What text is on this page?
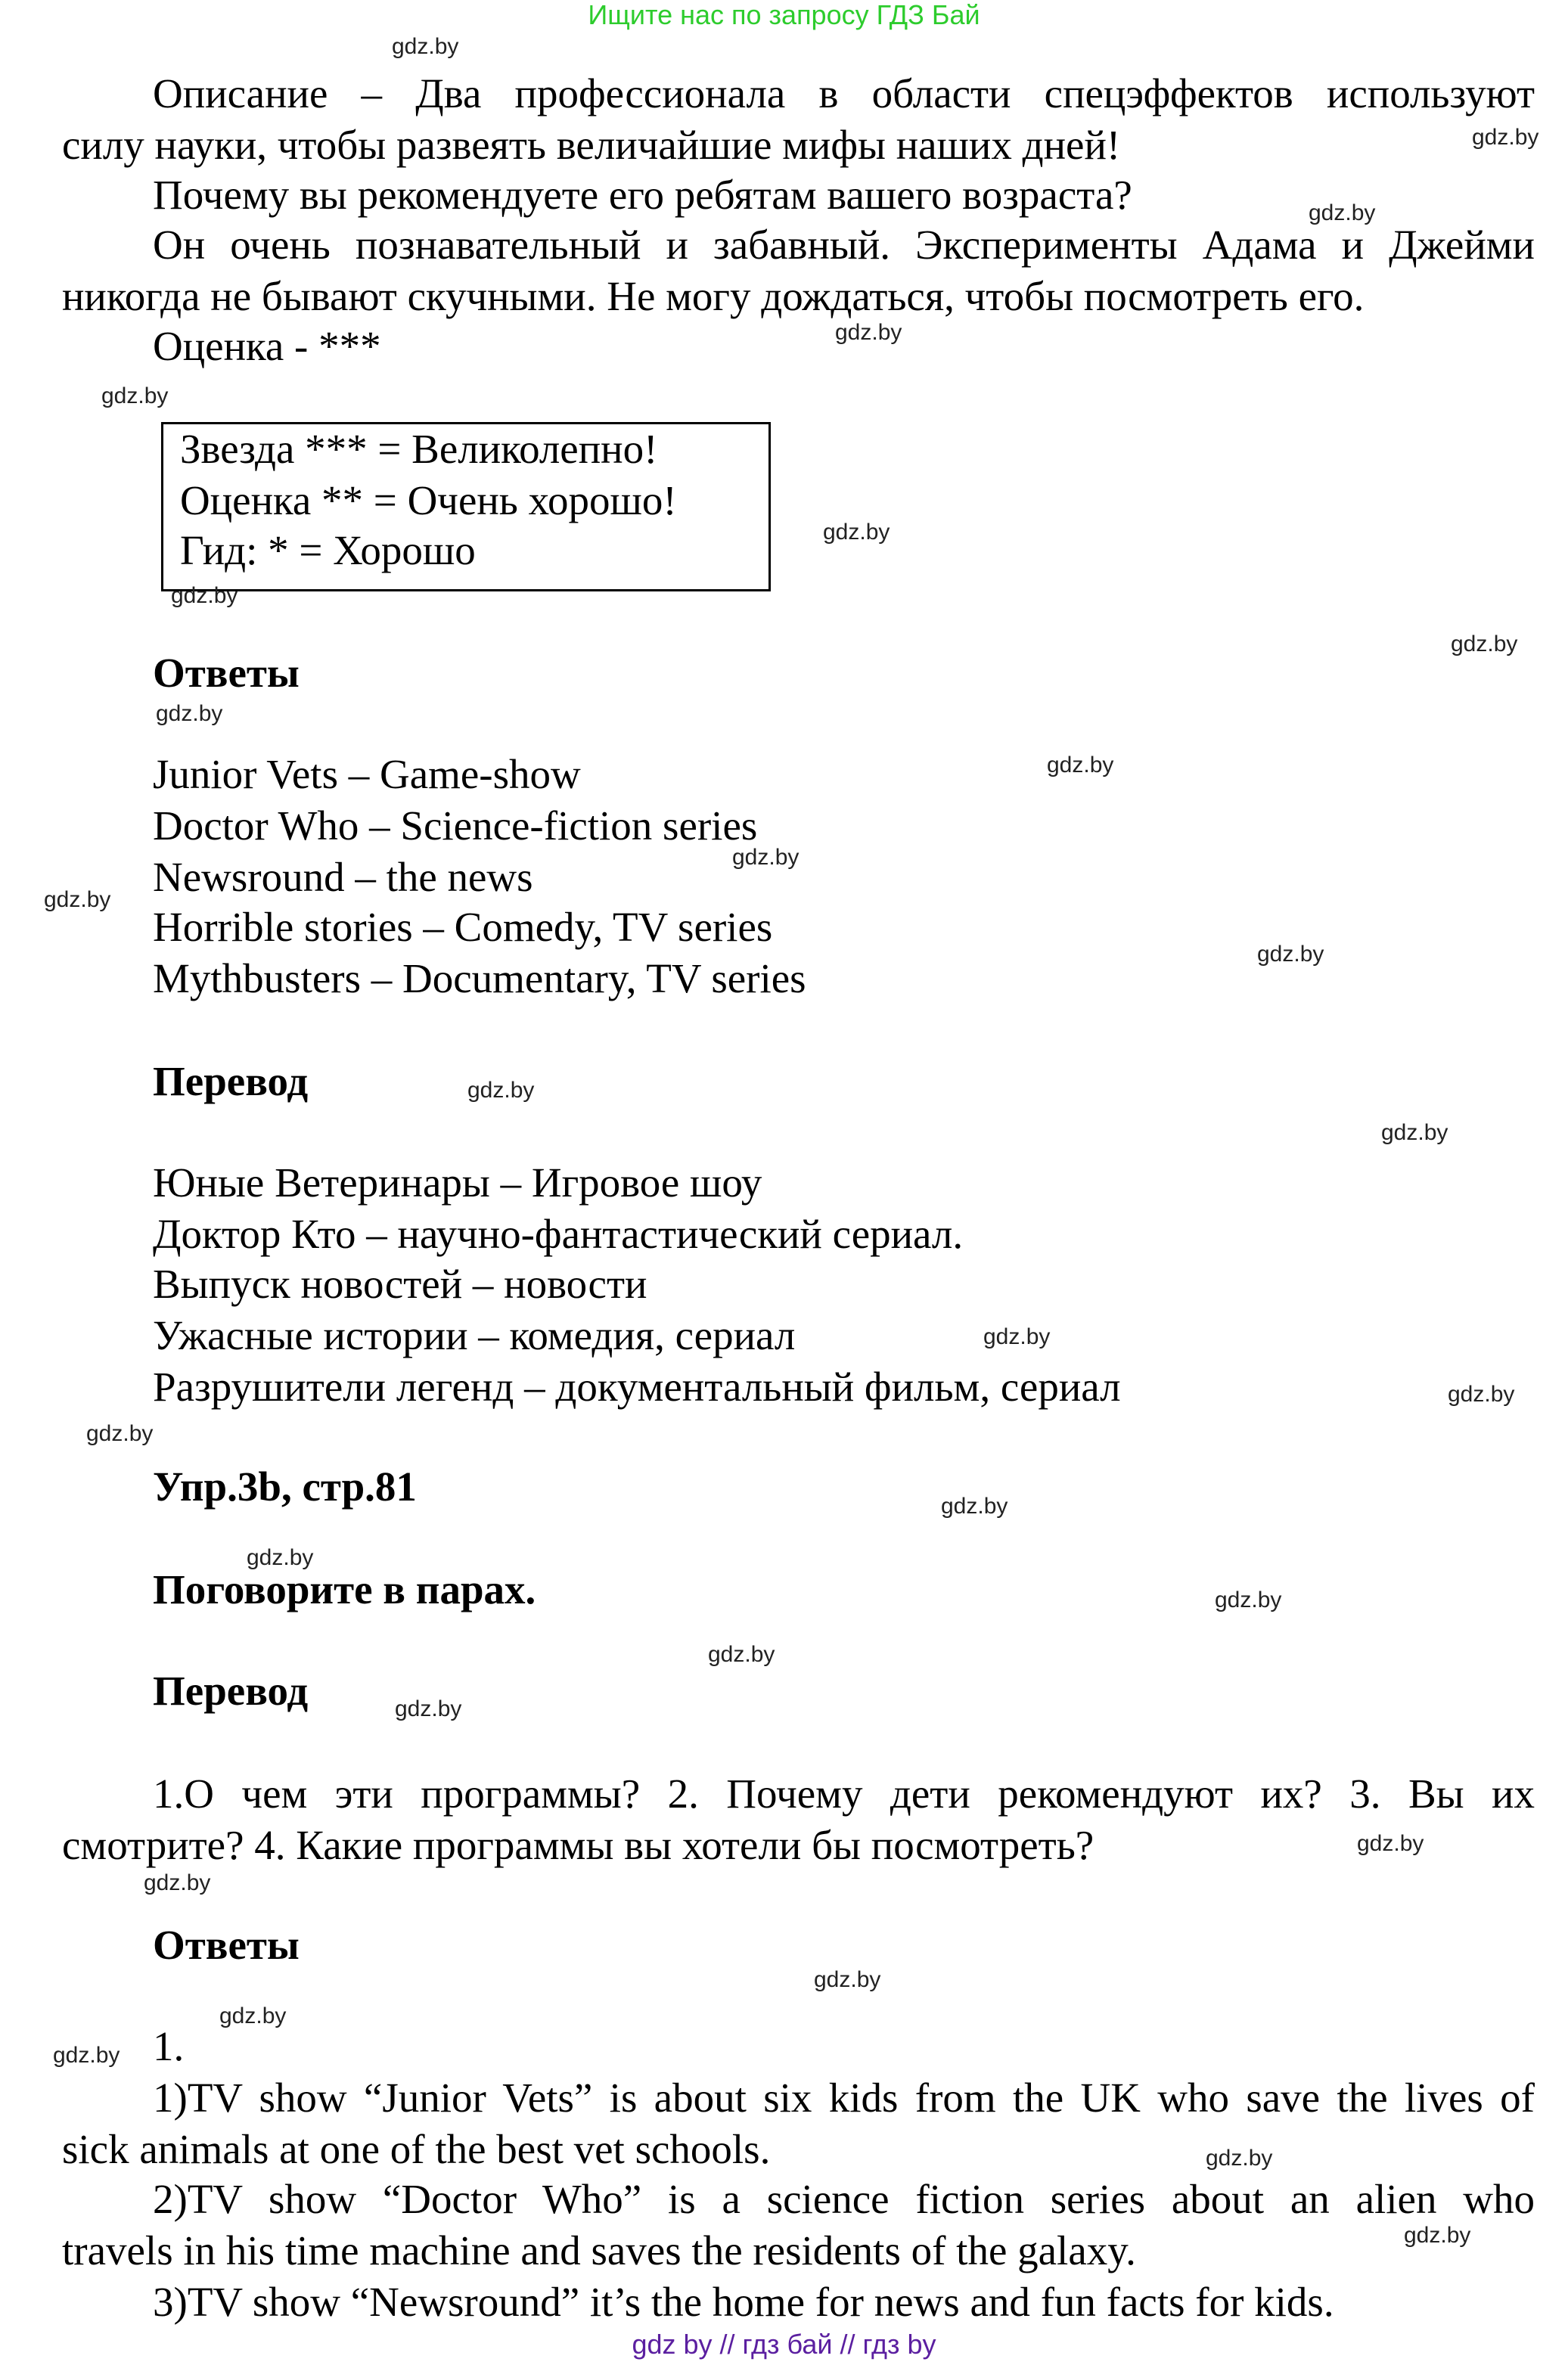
Ищите нас по запросу ГДЗ Бай
Описание – Два профессионала в области спецэффектов используют
силу науки, чтобы развеять величайшие мифы наших дней!
Почему вы рекомендуете его ребятам вашего возраста?
Он очень познавательный и забавный. Эксперименты Адама и Джейми
никогда не бывают скучными. Не могу дождаться, чтобы посмотреть его.
Оценка - ***
Звезда *** = Великолепно!
Оценка ** = Очень хорошо!
Гид: * = Хорошо
Ответы
Junior Vets – Game-show
Doctor Who – Science-fiction series
Newsround – the news
Horrible stories – Comedy, TV series
Mythbusters – Documentary, TV series
Перевод
Юные Ветеринары – Игровое шоу
Доктор Кто – научно-фантастический сериал.
Выпуск новостей – новости
Ужасные истории – комедия, сериал
Разрушители легенд – документальный фильм, сериал
Упр.3b, стр.81
Поговорите в парах.
Перевод
1.О чем эти программы? 2. Почему дети рекомендуют их? 3. Вы их
смотрите? 4. Какие программы вы хотели бы посмотреть?
Ответы
1.
1)TV show “Junior Vets” is about six kids from the UK who save the lives of
sick animals at one of the best vet schools.
2)TV show “Doctor Who” is a science fiction series about an alien who
travels in his time machine and saves the residents of the galaxy.
3)TV show “Newsround” it’s the home for news and fun facts for kids.
gdz.by
gdz.by
gdz.by
gdz.by
gdz.by
gdz.by
gdz.by
gdz.by
gdz.by
gdz.by
gdz.by
gdz.by
gdz.by
gdz.by
gdz.by
gdz.by
gdz.by
gdz.by
gdz.by
gdz.by
gdz.by
gdz.by
gdz.by
gdz.by
gdz.by
gdz.by
gdz.by
gdz.by
gdz.by
gdz.by
gdz by // гдз бай // гдз by
